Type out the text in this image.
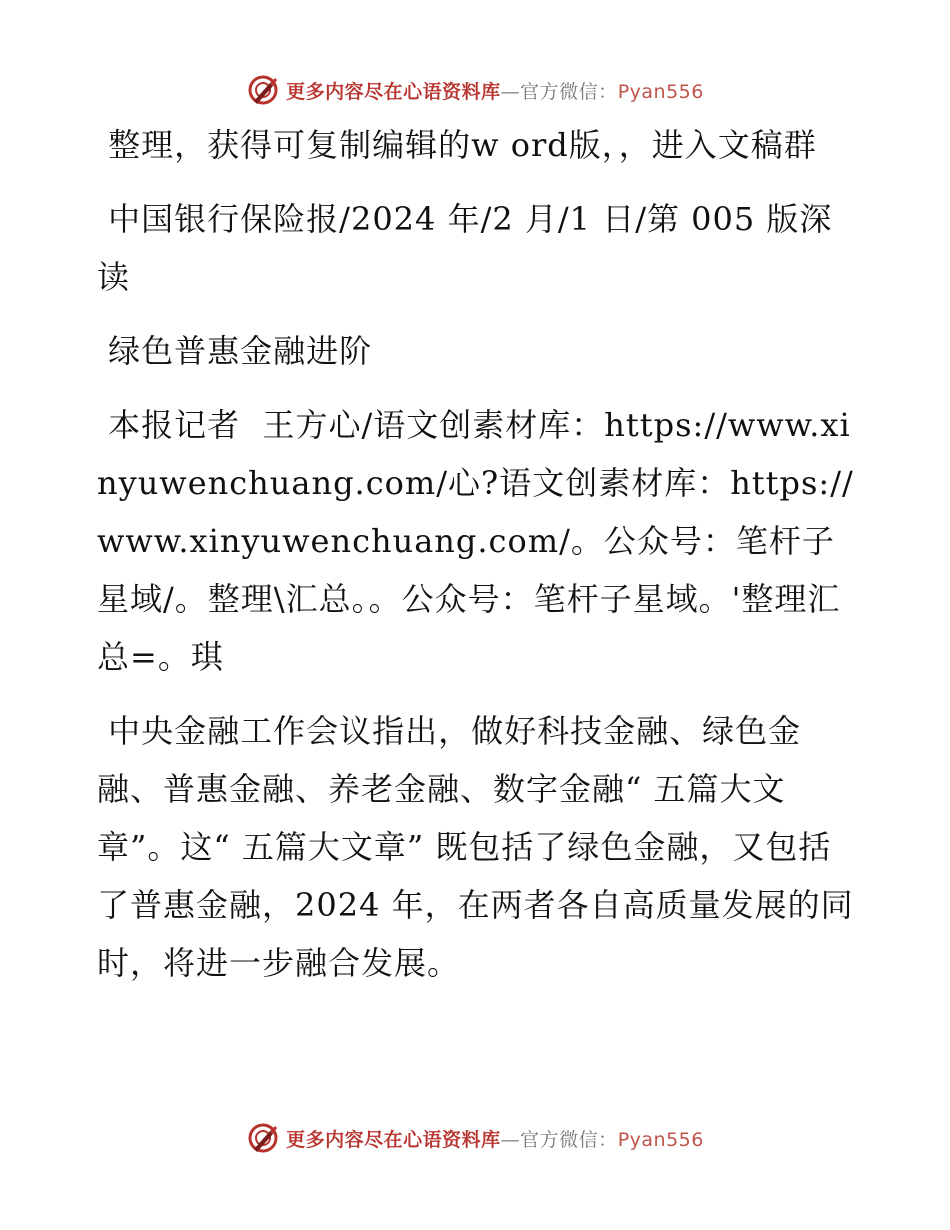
更多内容尽在心语资料库—官方微信：Pyan556

整理，获得可复制编辑的w ord版，，进入文稿群

中国银行保险报/2024 年/2 月/1 日/第 005 版深读

绿色普惠金融进阶

本报记者  王方心/语文创素材库：https://www.xinyuwenchuang.com/心?语文创素材库：https://www.xinyuwenchuang.com/。公众号：笔杆子星域/。整理\汇总。。公众号：笔杆子星域。'整理汇总=。琪

中央金融工作会议指出，做好科技金融、绿色金融、普惠金融、养老金融、数字金融“ 五篇大文章”。这“ 五篇大文章” 既包括了绿色金融，又包括了普惠金融，2024 年，在两者各自高质量发展的同时，将进一步融合发展。

更多内容尽在心语资料库—官方微信：Pyan556
